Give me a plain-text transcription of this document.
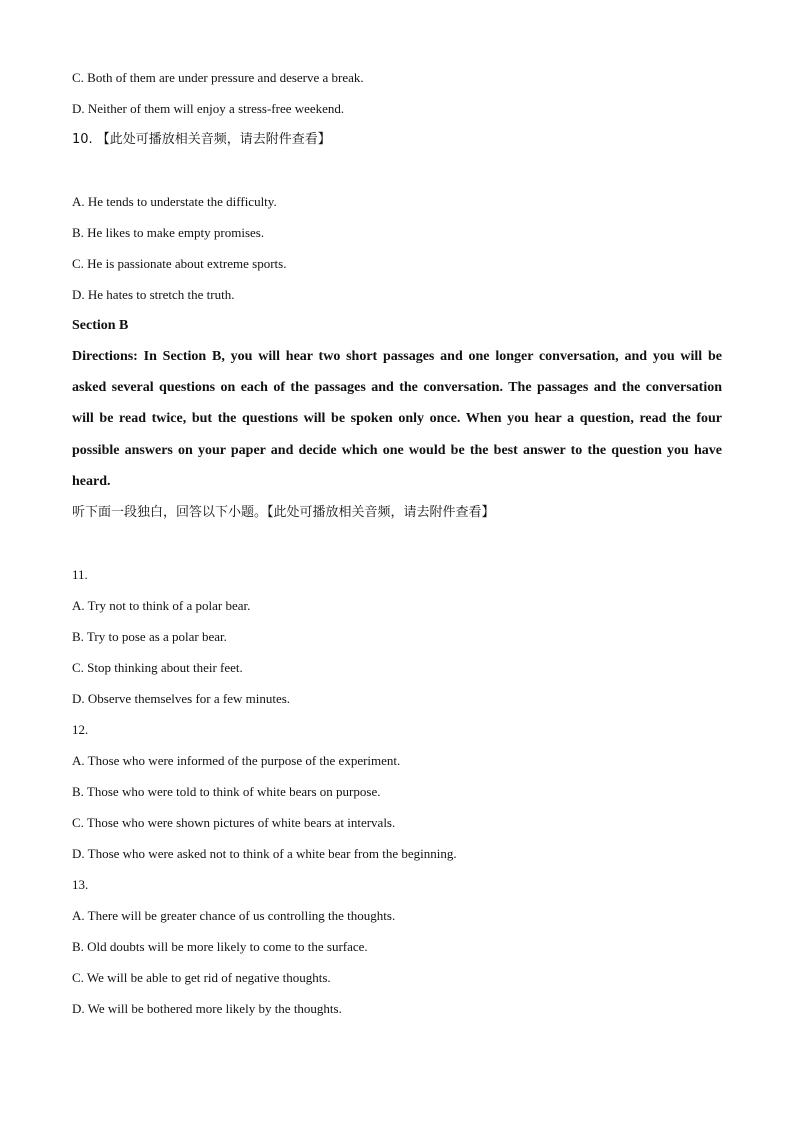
C. Both of them are under pressure and deserve a break.
D. Neither of them will enjoy a stress-free weekend.
10. 【此处可播放相关音频，请去附件查看】
A. He tends to understate the difficulty.
B. He likes to make empty promises.
C. He is passionate about extreme sports.
D. He hates to stretch the truth.
Section B
Directions: In Section B, you will hear two short passages and one longer conversation, and you will be asked several questions on each of the passages and the conversation. The passages and the conversation will be read twice, but the questions will be spoken only once. When you hear a question, read the four possible answers on your paper and decide which one would be the best answer to the question you have heard.
听下面一段独白，回答以下小题。【此处可播放相关音频，请去附件查看】
11.
A. Try not to think of a polar bear.
B. Try to pose as a polar bear.
C. Stop thinking about their feet.
D. Observe themselves for a few minutes.
12.
A. Those who were informed of the purpose of the experiment.
B. Those who were told to think of white bears on purpose.
C. Those who were shown pictures of white bears at intervals.
D. Those who were asked not to think of a white bear from the beginning.
13.
A. There will be greater chance of us controlling the thoughts.
B. Old doubts will be more likely to come to the surface.
C. We will be able to get rid of negative thoughts.
D. We will be bothered more likely by the thoughts.
